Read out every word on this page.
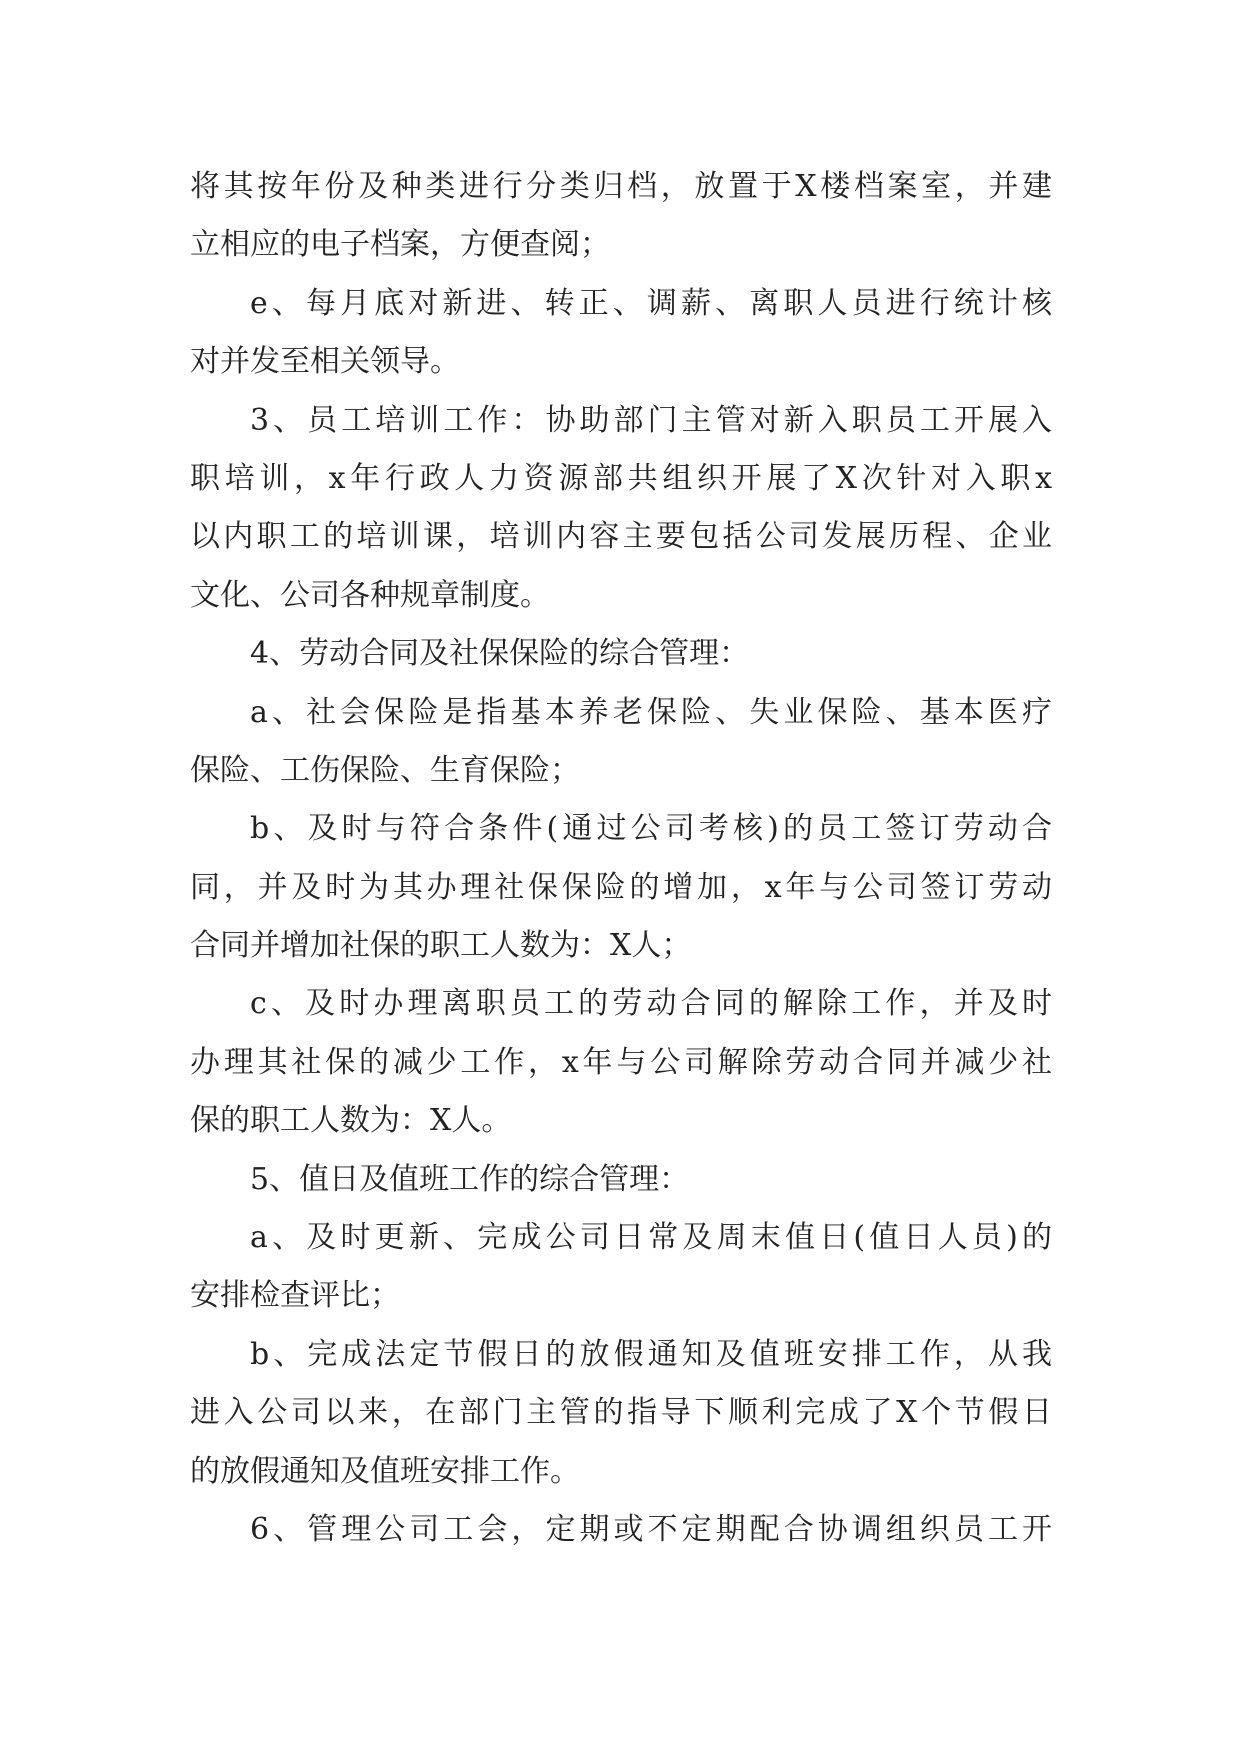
将其按年份及种类进行分类归档，放置于X楼档案室，并建
立相应的电子档案，方便查阅；
e、每月底对新进、转正、调薪、离职人员进行统计核
对并发至相关领导。
3、员工培训工作：协助部门主管对新入职员工开展入
职培训，x年行政人力资源部共组织开展了X次针对入职x
以内职工的培训课，培训内容主要包括公司发展历程、企业
文化、公司各种规章制度。
4、劳动合同及社保保险的综合管理：
a、社会保险是指基本养老保险、失业保险、基本医疗
保险、工伤保险、生育保险；
b、及时与符合条件(通过公司考核)的员工签订劳动合
同，并及时为其办理社保保险的增加，x年与公司签订劳动
合同并增加社保的职工人数为：X人；
c、及时办理离职员工的劳动合同的解除工作，并及时
办理其社保的减少工作，x年与公司解除劳动合同并减少社
保的职工人数为：X人。
5、值日及值班工作的综合管理：
a、及时更新、完成公司日常及周末值日(值日人员)的
安排检查评比；
b、完成法定节假日的放假通知及值班安排工作，从我
进入公司以来，在部门主管的指导下顺利完成了X个节假日
的放假通知及值班安排工作。
6、管理公司工会，定期或不定期配合协调组织员工开
